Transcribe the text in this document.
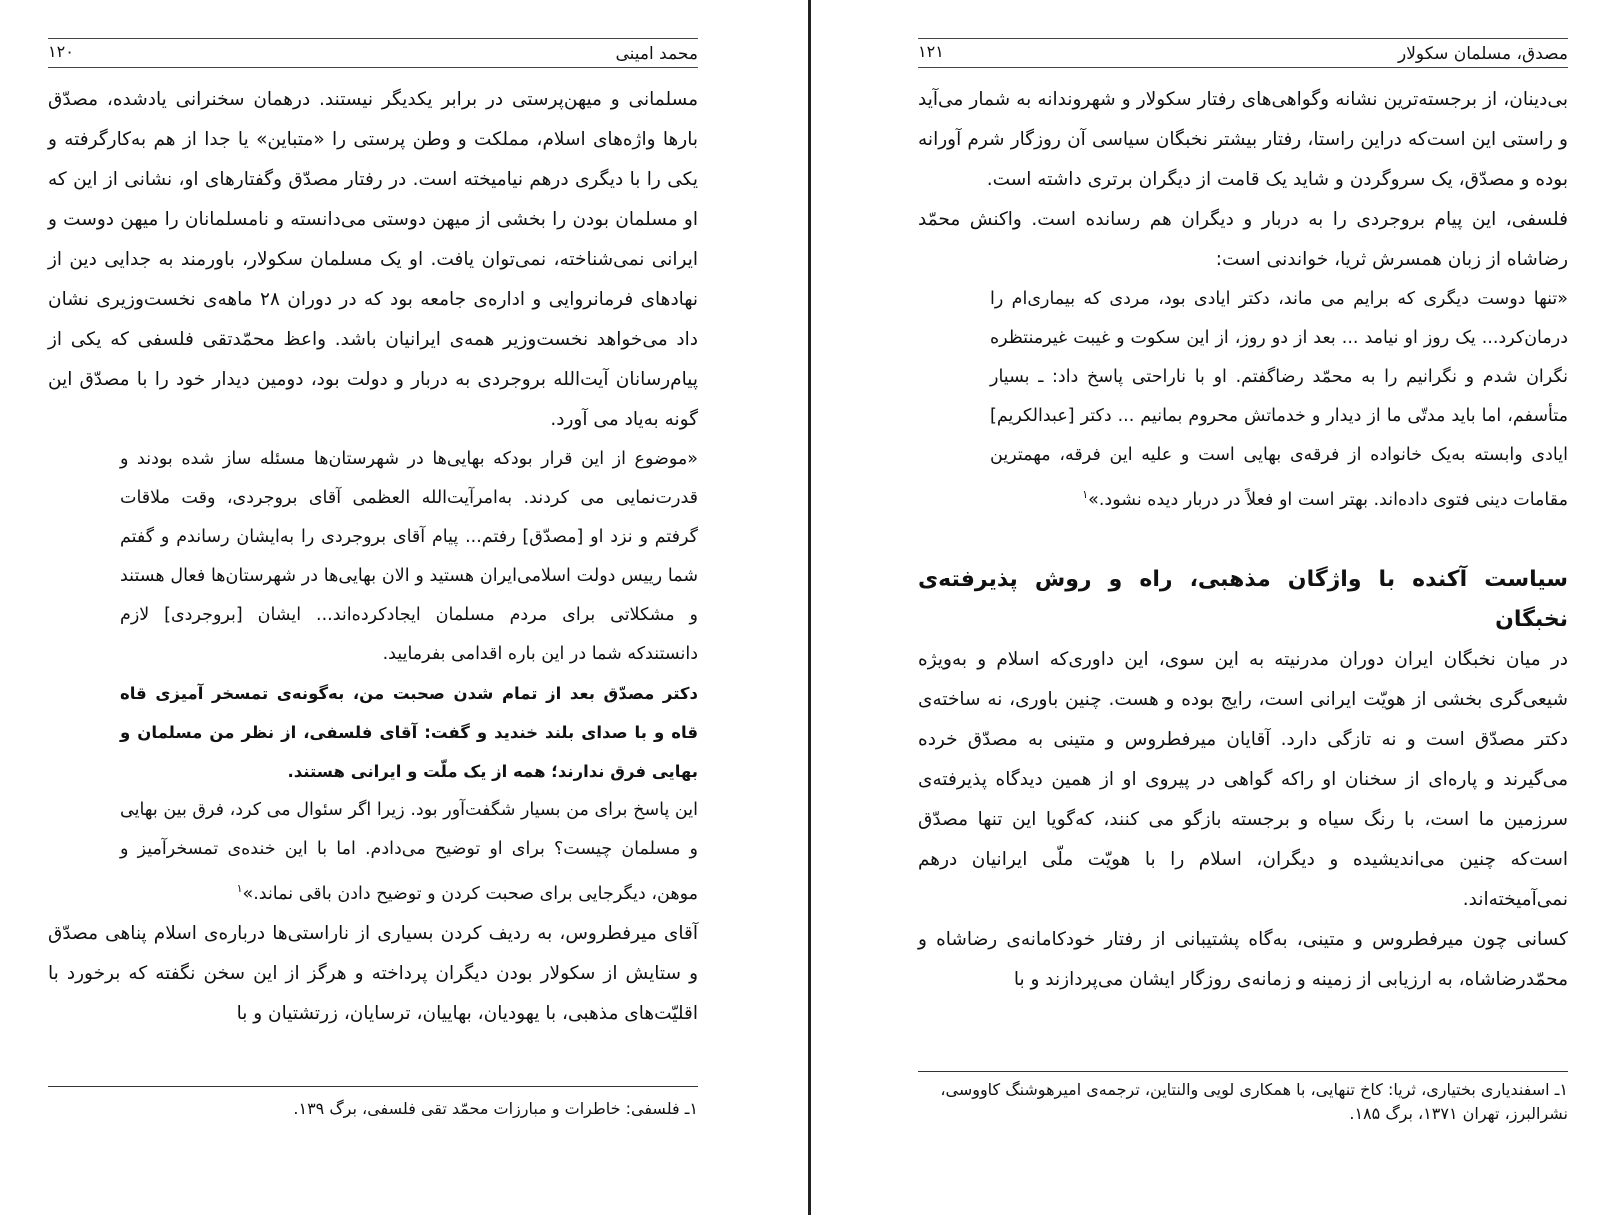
محمد امینی
۱۲۰

مسلمانی و میهن‌پرستی در برابر یکدیگر نیستند. درهمان سخنرانی یادشده، مصدّق بارها واژه‌های اسلام، مملکت و وطن پرستی را «متباین» یا جدا از هم به‌کارگرفته و یکی را با دیگری درهم نیامیخته است. در رفتار مصدّق وگفتارهای او، نشانی از این که او مسلمان بودن را بخشی از میهن دوستی می‌دانسته و نامسلمانان را میهن دوست و ایرانی نمی‌شناخته، نمی‌توان یافت. او یک مسلمان سکولار، باورمند به جدایی دین از نهادهای فرمانروایی و اداره‌ی جامعه بود که در دوران ۲۸ ماهه‌ی نخست‌وزیری نشان داد می‌خواهد نخست‌وزیر همه‌ی ایرانیان باشد. واعظ محمّدتقی فلسفی که یکی از پیام‌رسانان آیت‌الله بروجردی به دربار و دولت بود، دومین دیدار خود را با مصدّق این گونه به‌یاد می آورد.

«موضوع از این قرار بودکه بهایی‌ها در شهرستان‌ها مسئله ساز شده بودند و قدرت‌نمایی می کردند. به‌امرآیت‌الله العظمی آقای بروجردی، وقت ملاقات گرفتم و نزد او [مصدّق] رفتم... پیام آقای بروجردی را به‌ایشان رساندم و گفتم شما رییس دولت اسلامی‌ایران هستید و الان بهایی‌ها در شهرستان‌ها فعال هستند و مشکلاتی برای مردم مسلمان ایجادکرده‌اند... ایشان [بروجردی] لازم دانستندکه شما در این باره اقدامی بفرمایید.

دکتر مصدّق بعد از تمام شدن صحبت من، به‌گونه‌ی تمسخر آمیزی قاه قاه و با صدای بلند خندید و گفت: آقای فلسفی، از نظر من مسلمان و بهایی فرق ندارند؛ همه از یک ملّت و ایرانی هستند.

این پاسخ برای من بسیار شگفت‌آور بود. زیرا اگر سئوال می کرد، فرق بین بهایی و مسلمان چیست؟ برای او توضیح می‌دادم. اما با این خنده‌ی تمسخرآمیز و موهن، دیگرجایی برای صحبت کردن و توضیح دادن باقی نماند.»$^۱$

آقای میرفطروس، به ردیف کردن بسیاری از ناراستی‌ها درباره‌ی اسلام پناهی مصدّق و ستایش از سکولار بودن دیگران پرداخته و هرگز از این سخن نگفته که برخورد با اقلیّت‌های مذهبی، با یهودیان، بهاییان، ترسایان، زرتشتیان و با

۱ـ فلسفی: خاطرات و مبارزات محمّد تقی فلسفی، برگ ۱۳۹.
مصدق، مسلمان سکولار
۱۲۱

بی‌دینان، از برجسته‌ترین نشانه وگواهی‌های رفتار سکولار و شهروندانه به شمار می‌آید و راستی این است‌که دراین راستا، رفتار بیشتر نخبگان سیاسی آن روزگار شرم آورانه بوده و مصدّق، یک سروگردن و شاید یک قامت از دیگران برتری داشته است.

فلسفی، این پیام بروجردی را به دربار و دیگران هم رسانده است. واکنش محمّد رضاشاه از زبان همسرش ثریا، خواندنی است:

«تنها دوست دیگری که برایم می ماند، دکتر ایادی بود، مردی که بیماری‌ام را درمان‌کرد... یک روز او نیامد ... بعد از دو روز، از این سکوت و غیبت غیرمنتظره نگران شدم و نگرانیم را به محمّد رضاگفتم. او با ناراحتی پاسخ داد: ـ بسیار متأسفم، اما باید مدتّی ما از دیدار و خدماتش محروم بمانیم ... دکتر [عبدالکریم] ایادی وابسته به‌یک خانواده از فرقه‌ی بهایی است و علیه این فرقه، مهمترین مقامات دینی فتوی داده‌اند. بهتر است او فعلاً در دربار دیده نشود.»$^۱$

سیاست آکنده با واژگان مذهبی، راه و روش پذیرفته‌ی نخبگان

در میان نخبگان ایران دوران مدرنیته به این سوی، این داوری‌که اسلام و به‌ویژه شیعی‌گری بخشی از هویّت ایرانی است، رایج بوده و هست. چنین باوری، نه ساخته‌ی دکتر مصدّق است و نه تازگی دارد. آقایان میرفطروس و متینی به مصدّق خرده می‌گیرند و پاره‌ای از سخنان او راکه گواهی در پیروی او از همین دیدگاه پذیرفته‌ی سرزمین ما است، با رنگ سیاه و برجسته بازگو می کنند، که‌گویا این تنها مصدّق است‌که چنین می‌اندیشیده و دیگران، اسلام را با هویّت ملّی ایرانیان درهم نمی‌آمیخته‌اند.

کسانی چون میرفطروس و متینی، به‌گاه پشتیبانی از رفتار خودکامانه‌ی رضاشاه و محمّدرضاشاه، به ارزیابی از زمینه و زمانه‌ی روزگار ایشان می‌پردازند و با

۱ـ اسفندیاری بختیاری، ثریا: کاخ تنهایی، با همکاری لویی والنتاین، ترجمه‌ی امیرهوشنگ کاووسی، نشرالبرز، تهران ۱۳۷۱، برگ ۱۸۵.
